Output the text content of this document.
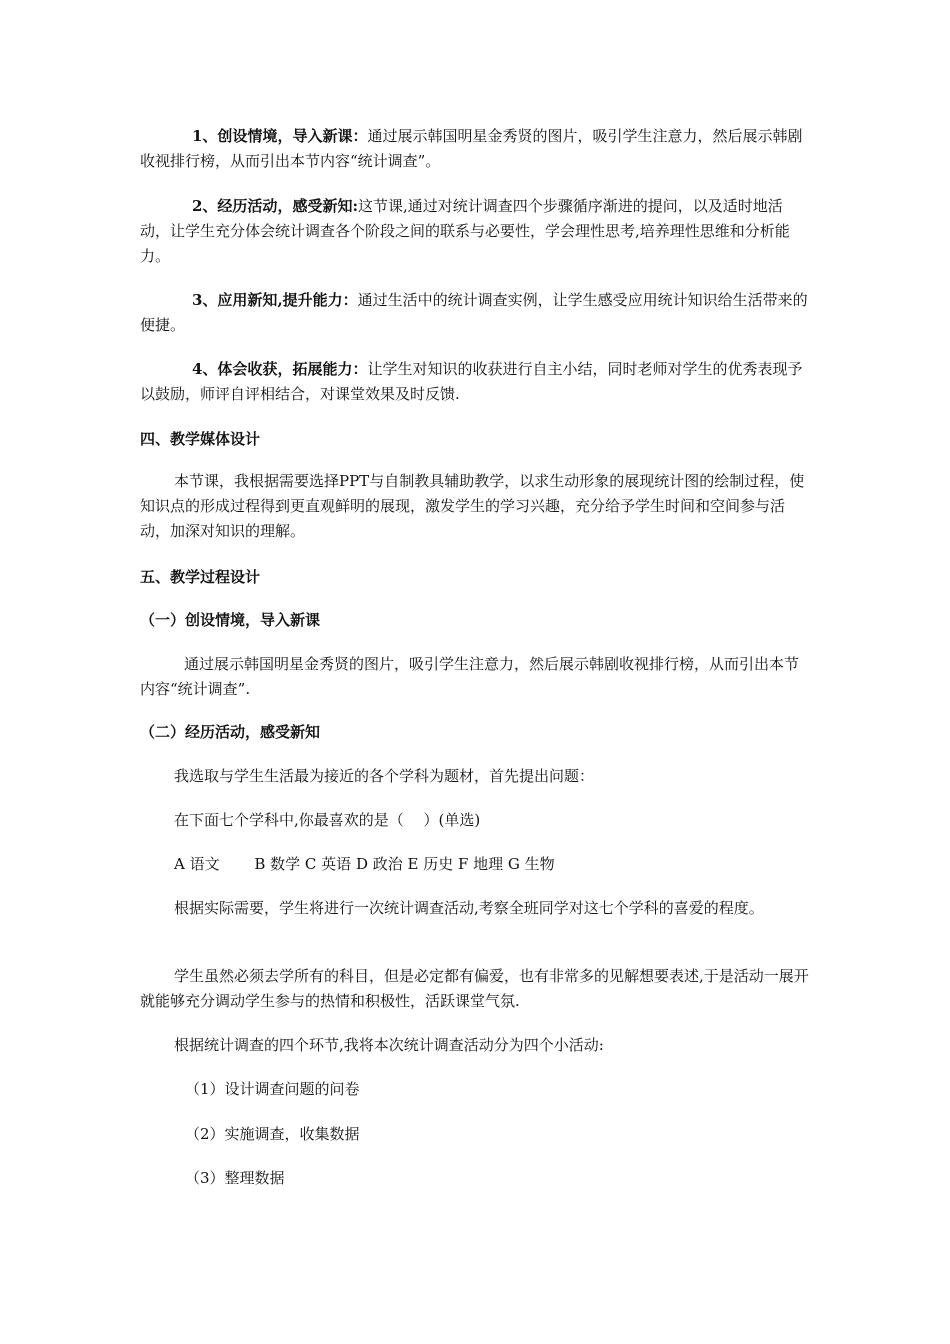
1、创设情境，导入新课：通过展示韩国明星金秀贤的图片，吸引学生注意力，然后展示韩剧收视排行榜，从而引出本节内容“统计调查”。

2、经历活动，感受新知:这节课,通过对统计调查四个步骤循序渐进的提问，以及适时地活动，让学生充分体会统计调查各个阶段之间的联系与必要性，学会理性思考,培养理性思维和分析能力。

3、应用新知,提升能力：通过生活中的统计调查实例，让学生感受应用统计知识给生活带来的便捷。

4、体会收获，拓展能力：让学生对知识的收获进行自主小结，同时老师对学生的优秀表现予以鼓励，师评自评相结合，对课堂效果及时反馈.

四、教学媒体设计

本节课，我根据需要选择PPT与自制教具辅助教学，以求生动形象的展现统计图的绘制过程，使知识点的形成过程得到更直观鲜明的展现，激发学生的学习兴趣，充分给予学生时间和空间参与活动，加深对知识的理解。

五、教学过程设计

（一）创设情境，导入新课

通过展示韩国明星金秀贤的图片，吸引学生注意力，然后展示韩剧收视排行榜，从而引出本节内容“统计调查”.

（二）经历活动，感受新知

我选取与学生生活最为接近的各个学科为题材，首先提出问题：

在下面七个学科中,你最喜欢的是（　 ）(单选)

A 语文　　 B 数学 C 英语 D 政治 E 历史 F 地理 G 生物

根据实际需要，学生将进行一次统计调查活动,考察全班同学对这七个学科的喜爱的程度。

学生虽然必须去学所有的科目，但是必定都有偏爱，也有非常多的见解想要表述,于是活动一展开就能够充分调动学生参与的热情和积极性，活跃课堂气氛.

根据统计调查的四个环节,我将本次统计调查活动分为四个小活动:

（1）设计调查问题的问卷

（2）实施调查，收集数据

（3）整理数据
